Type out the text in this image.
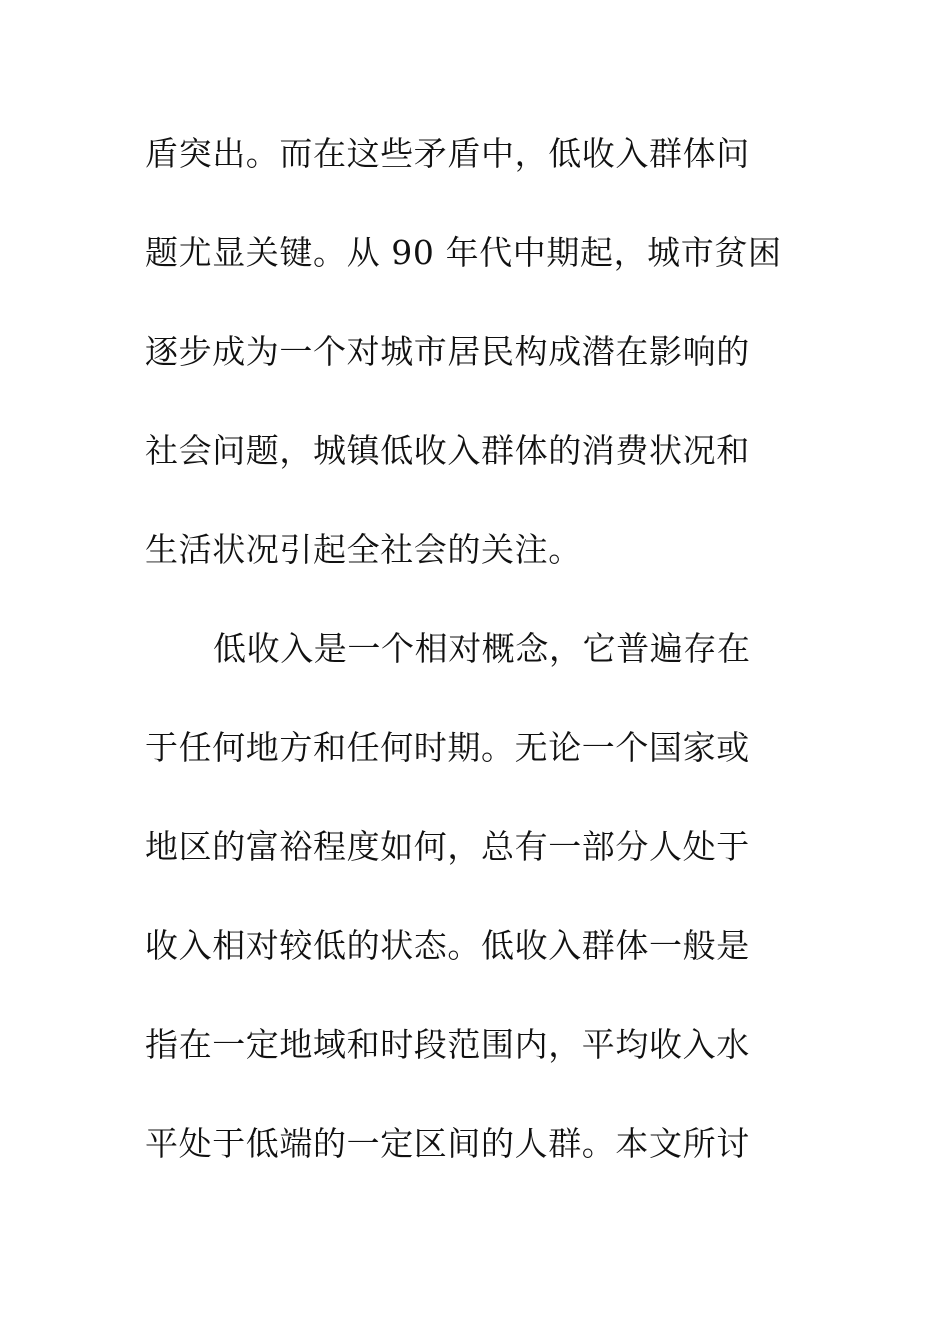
盾突出。而在这些矛盾中，低收入群体问
题尤显关键。从 90 年代中期起，城市贫困
逐步成为一个对城市居民构成潜在影响的
社会问题，城镇低收入群体的消费状况和
生活状况引起全社会的关注。
低收入是一个相对概念，它普遍存在
于任何地方和任何时期。无论一个国家或
地区的富裕程度如何，总有一部分人处于
收入相对较低的状态。低收入群体一般是
指在一定地域和时段范围内，平均收入水
平处于低端的一定区间的人群。本文所讨
